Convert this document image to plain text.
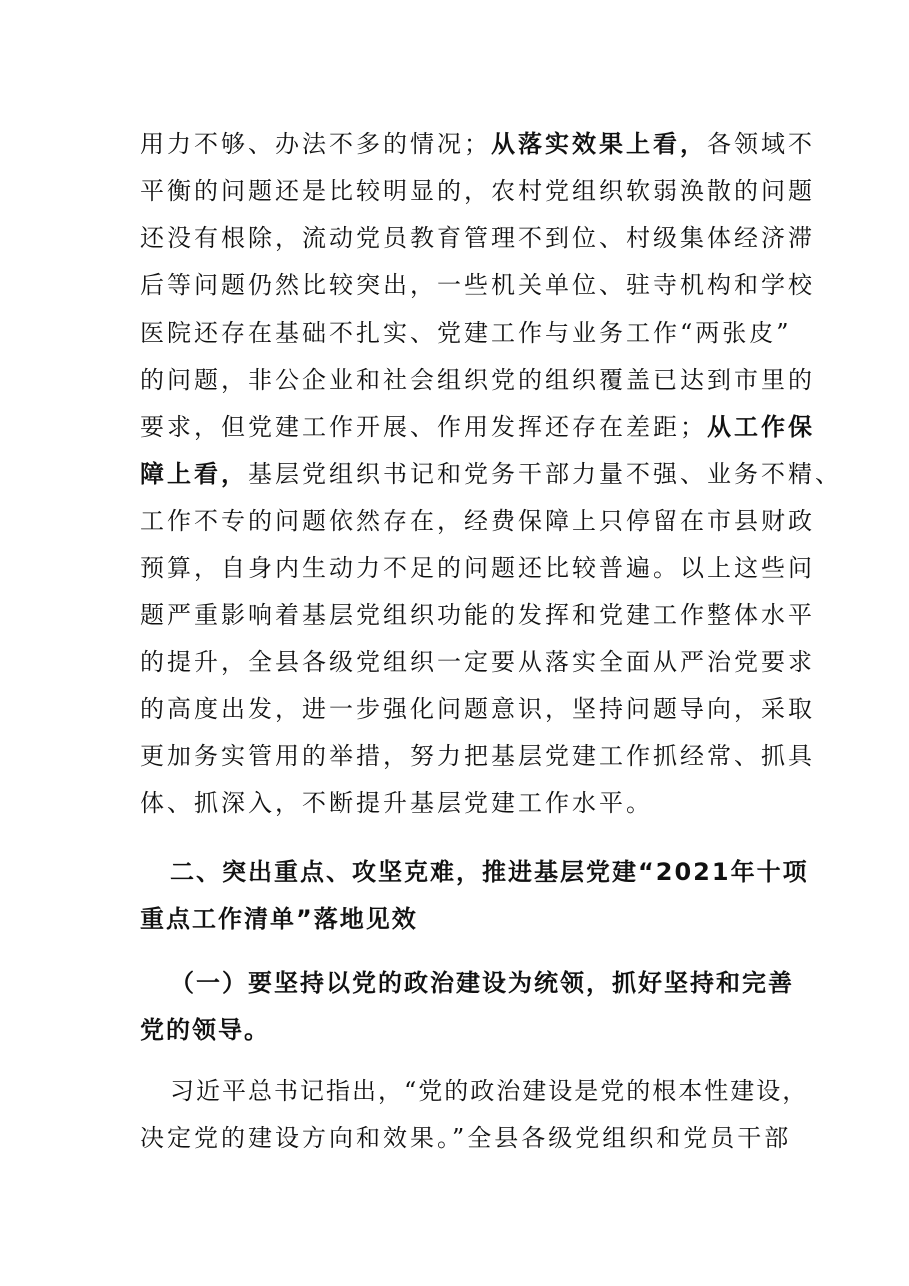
用力不够、办法不多的情况；从落实效果上看，各领域不
平衡的问题还是比较明显的，农村党组织软弱涣散的问题
还没有根除，流动党员教育管理不到位、村级集体经济滞
后等问题仍然比较突出，一些机关单位、驻寺机构和学校
医院还存在基础不扎实、党建工作与业务工作“两张皮”
的问题，非公企业和社会组织党的组织覆盖已达到市里的
要求，但党建工作开展、作用发挥还存在差距；从工作保
障上看，基层党组织书记和党务干部力量不强、业务不精、
工作不专的问题依然存在，经费保障上只停留在市县财政
预算，自身内生动力不足的问题还比较普遍。以上这些问
题严重影响着基层党组织功能的发挥和党建工作整体水平
的提升，全县各级党组织一定要从落实全面从严治党要求
的高度出发，进一步强化问题意识，坚持问题导向，采取
更加务实管用的举措，努力把基层党建工作抓经常、抓具
体、抓深入，不断提升基层党建工作水平。
二、突出重点、攻坚克难，推进基层党建“2021年十项
重点工作清单”落地见效
（一）要坚持以党的政治建设为统领，抓好坚持和完善
党的领导。
习近平总书记指出，“党的政治建设是党的根本性建设，
决定党的建设方向和效果。”全县各级党组织和党员干部
